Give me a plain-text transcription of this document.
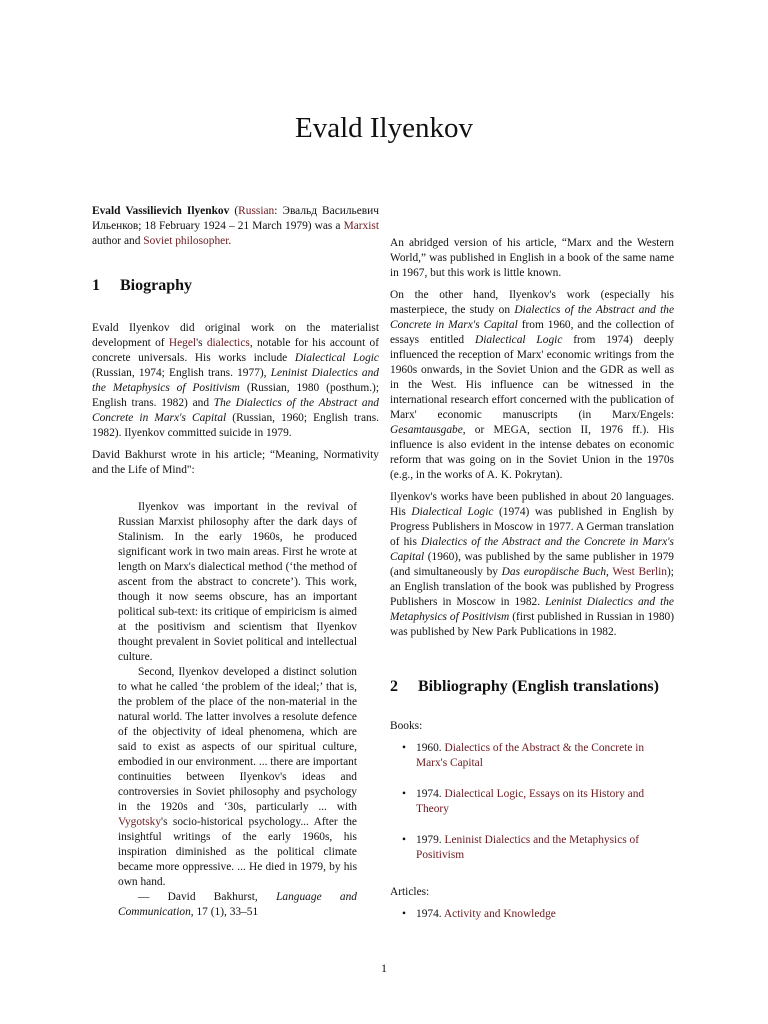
Evald Ilyenkov

Evald Vassilievich Ilyenkov (Russian: Эвальд Васильевич Ильенков; 18 February 1924 – 21 March 1979) was a Marxist author and Soviet philosopher.

1 Biography

Evald Ilyenkov did original work on the materialist development of Hegel's dialectics, notable for his account of concrete universals. His works include Dialectical Logic (Russian, 1974; English trans. 1977), Leninist Dialectics and the Metaphysics of Positivism (Russian, 1980 (posthum.); English trans. 1982) and The Dialectics of the Abstract and Concrete in Marx's Capital (Russian, 1960; English trans. 1982). Ilyenkov committed suicide in 1979.

David Bakhurst wrote in his article; “Meaning, Normativity and the Life of Mind":

Ilyenkov was important in the revival of Russian Marxist philosophy after the dark days of Stalinism. In the early 1960s, he produced significant work in two main areas. First he wrote at length on Marx's dialectical method (‘the method of ascent from the abstract to concrete’). This work, though it now seems obscure, has an important political sub-text: its critique of empiricism is aimed at the positivism and scientism that Ilyenkov thought prevalent in Soviet political and intellectual culture.

Second, Ilyenkov developed a distinct solution to what he called ‘the problem of the ideal;’ that is, the problem of the place of the non-material in the natural world. The latter involves a resolute defence of the objectivity of ideal phenomena, which are said to exist as aspects of our spiritual culture, embodied in our environment. ... there are important continuities between Ilyenkov's ideas and controversies in Soviet philosophy and psychology in the 1920s and ‘30s, particularly ... with Vygotsky's socio-historical psychology... After the insightful writings of the early 1960s, his inspiration diminished as the political climate became more oppressive. ... He died in 1979, by his own hand.

— David Bakhurst, Language and Communication, 17 (1), 33–51

An abridged version of his article, “Marx and the Western World,” was published in English in a book of the same name in 1967, but this work is little known.

On the other hand, Ilyenkov's work (especially his masterpiece, the study on Dialectics of the Abstract and the Concrete in Marx's Capital from 1960, and the collection of essays entitled Dialectical Logic from 1974) deeply influenced the reception of Marx' economic writings from the 1960s onwards, in the Soviet Union and the GDR as well as in the West. His influence can be witnessed in the international research effort concerned with the publication of Marx' economic manuscripts (in Marx/Engels: Gesamtausgabe, or MEGA, section II, 1976 ff.). His influence is also evident in the intense debates on economic reform that was going on in the Soviet Union in the 1970s (e.g., in the works of A. K. Pokrytan).

Ilyenkov's works have been published in about 20 languages. His Dialectical Logic (1974) was published in English by Progress Publishers in Moscow in 1977. A German translation of his Dialectics of the Abstract and the Concrete in Marx's Capital (1960), was published by the same publisher in 1979 (and simultaneously by Das europäische Buch, West Berlin); an English translation of the book was published by Progress Publishers in Moscow in 1982. Leninist Dialectics and the Metaphysics of Positivism (first published in Russian in 1980) was published by New Park Publications in 1982.

2	Bibliography (English translations)

Books:

• 1960. Dialectics of the Abstract & the Concrete in Marx's Capital
• 1974. Dialectical Logic, Essays on its History and Theory
• 1979. Leninist Dialectics and the Metaphysics of Positivism

Articles:

• 1974. Activity and Knowledge
1
